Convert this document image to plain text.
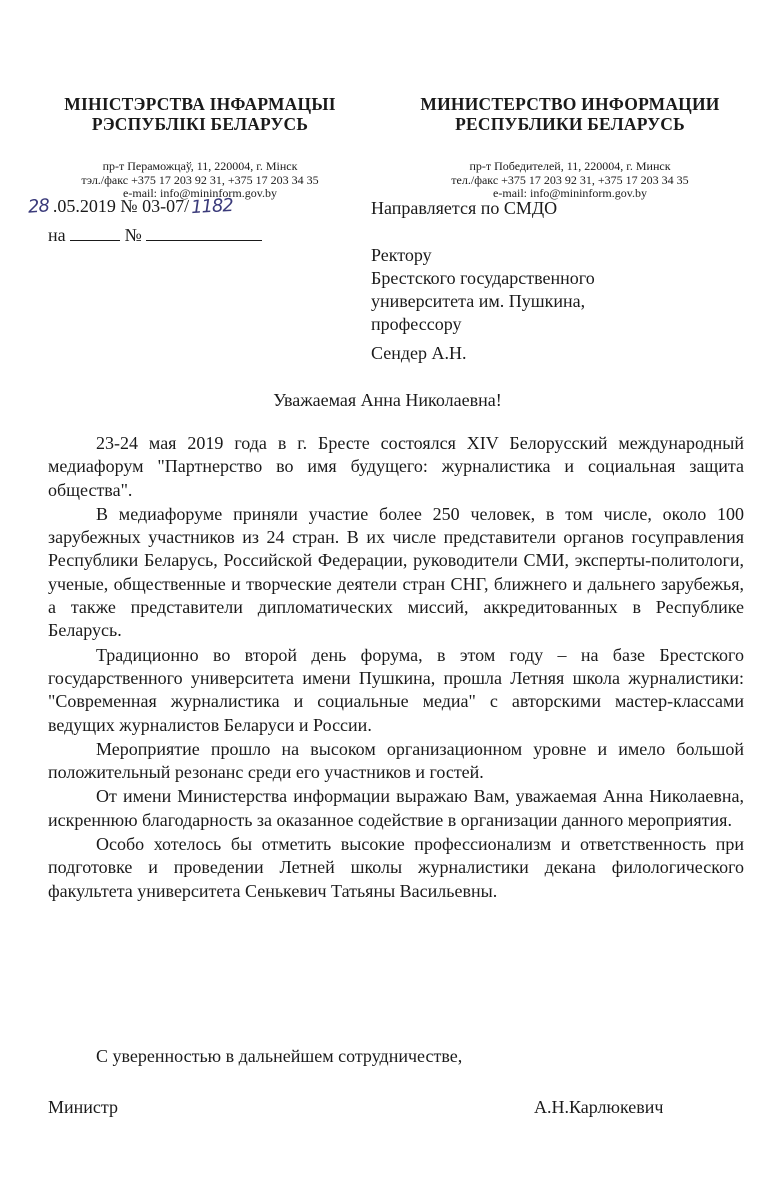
МІНІСТЭРСТВА ІНФАРМАЦЫІ
РЭСПУБЛІКІ БЕЛАРУСЬ
пр-т Пераможцаў, 11, 220004, г. Мінск
тэл./факс +375 17 203 92 31, +375 17 203 34 35
e-mail: info@mininform.gov.by
МИНИСТЕРСТВО ИНФОРМАЦИИ
РЕСПУБЛИКИ БЕЛАРУСЬ
пр-т Победителей, 11, 220004, г. Минск
тел./факс +375 17 203 92 31, +375 17 203 34 35
e-mail: info@mininform.gov.by
28 .05.2019 № 03-07/1182
на	№
Направляется по СМДО
Ректору
Брестского государственного
университета им. Пушкина,
профессору
Сендер А.Н.
Уважаемая Анна Николаевна!

23-24 мая 2019 года в г. Бресте состоялся XIV Белорусский международный медиафорум "Партнерство во имя будущего: журналистика и социальная защита общества".

В медиафоруме приняли участие более 250 человек, в том числе, около 100 зарубежных участников из 24 стран. В их числе представители органов госуправления Республики Беларусь, Российской Федерации, руководители СМИ, эксперты-политологи, ученые, общественные и творческие деятели стран СНГ, ближнего и дальнего зарубежья, а также представители дипломатических миссий, аккредитованных в Республике Беларусь.

Традиционно во второй день форума, в этом году – на базе Брестского государственного университета имени Пушкина, прошла Летняя школа журналистики: "Современная журналистика и социальные медиа" с авторскими мастер-классами ведущих журналистов Беларуси и России.

Мероприятие прошло на высоком организационном уровне и имело большой положительный резонанс среди его участников и гостей.

От имени Министерства информации выражаю Вам, уважаемая Анна Николаевна, искреннюю благодарность за оказанное содействие в организации данного мероприятия.

Особо хотелось бы отметить высокие профессионализм и ответственность при подготовке и проведении Летней школы журналистики декана филологического факультета университета Сенькевич Татьяны Васильевны.

С уверенностью в дальнейшем сотрудничестве,
Министр	А.Н.Карлюкевич
